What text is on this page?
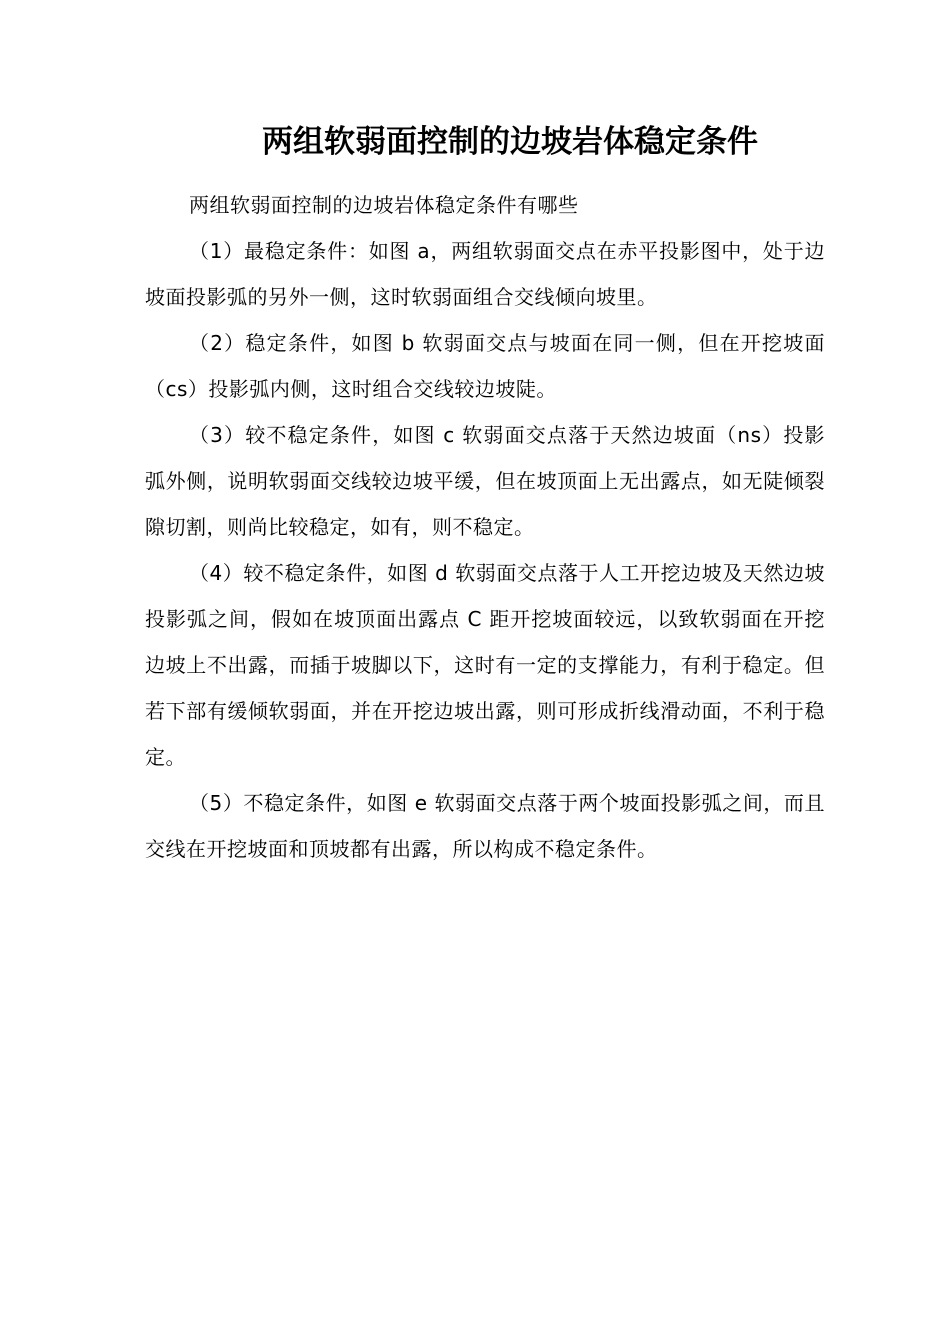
两组软弱面控制的边坡岩体稳定条件

两组软弱面控制的边坡岩体稳定条件有哪些

（1）最稳定条件：如图 a，两组软弱面交点在赤平投影图中，处于边坡面投影弧的另外一侧，这时软弱面组合交线倾向坡里。

（2）稳定条件，如图 b 软弱面交点与坡面在同一侧，但在开挖坡面（cs）投影弧内侧，这时组合交线较边坡陡。

（3）较不稳定条件，如图 c 软弱面交点落于天然边坡面（ns）投影弧外侧，说明软弱面交线较边坡平缓，但在坡顶面上无出露点，如无陡倾裂隙切割，则尚比较稳定，如有，则不稳定。

（4）较不稳定条件，如图 d 软弱面交点落于人工开挖边坡及天然边坡投影弧之间，假如在坡顶面出露点 C 距开挖坡面较远，以致软弱面在开挖边坡上不出露，而插于坡脚以下，这时有一定的支撑能力，有利于稳定。但若下部有缓倾软弱面，并在开挖边坡出露，则可形成折线滑动面，不利于稳定。

（5）不稳定条件，如图 e 软弱面交点落于两个坡面投影弧之间，而且交线在开挖坡面和顶坡都有出露，所以构成不稳定条件。
